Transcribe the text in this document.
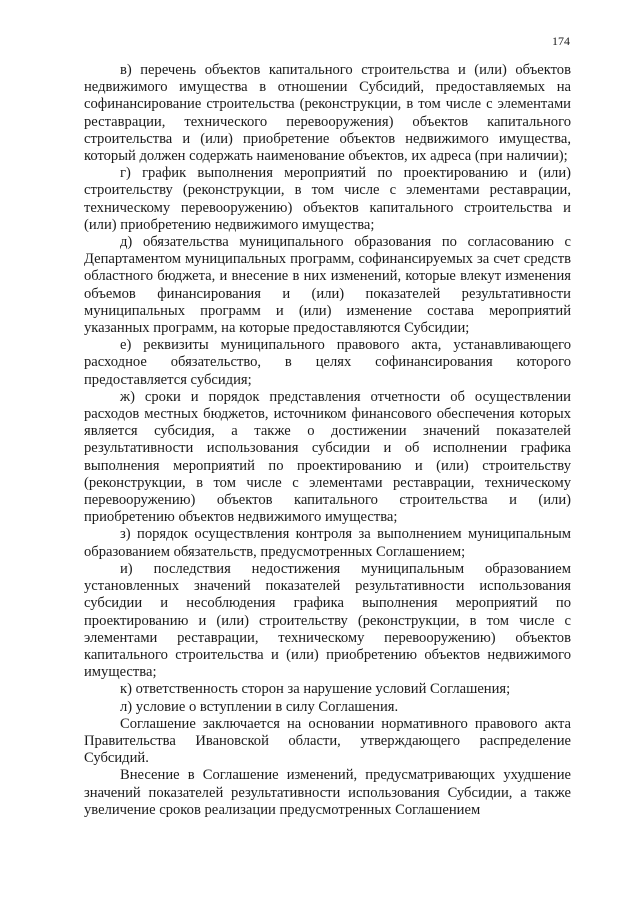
174

в) перечень объектов капитального строительства и (или) объектов недвижимого имущества в отношении Субсидий, предоставляемых на софинансирование строительства (реконструкции, в том числе с элементами реставрации, технического перевооружения) объектов капитального строительства и (или) приобретение объектов недвижимого имущества, который должен содержать наименование объектов, их адреса (при наличии);

г) график выполнения мероприятий по проектированию и (или) строительству (реконструкции, в том числе с элементами реставрации, техническому перевооружению) объектов капитального строительства и (или) приобретению недвижимого имущества;

д) обязательства муниципального образования по согласованию с Департаментом муниципальных программ, софинансируемых за счет средств областного бюджета, и внесение в них изменений, которые влекут изменения объемов финансирования и (или) показателей результативности муниципальных программ и (или) изменение состава мероприятий указанных программ, на которые предоставляются Субсидии;

е) реквизиты муниципального правового акта, устанавливающего расходное обязательство, в целях софинансирования которого предоставляется субсидия;

ж) сроки и порядок представления отчетности об осуществлении расходов местных бюджетов, источником финансового обеспечения которых является субсидия, а также о достижении значений показателей результативности использования субсидии и об исполнении графика выполнения мероприятий по проектированию и (или) строительству (реконструкции, в том числе с элементами реставрации, техническому перевооружению) объектов капитального строительства и (или) приобретению объектов недвижимого имущества;

з) порядок осуществления контроля за выполнением муниципальным образованием обязательств, предусмотренных Соглашением;

и) последствия недостижения муниципальным образованием установленных значений показателей результативности использования субсидии и несоблюдения графика выполнения мероприятий по проектированию и (или) строительству (реконструкции, в том числе с элементами реставрации, техническому перевооружению) объектов капитального строительства и (или) приобретению объектов недвижимого имущества;

к) ответственность сторон за нарушение условий Соглашения;

л) условие о вступлении в силу Соглашения.

Соглашение заключается на основании нормативного правового акта Правительства Ивановской области, утверждающего распределение Субсидий.

Внесение в Соглашение изменений, предусматривающих ухудшение значений показателей результативности использования Субсидии, а также увеличение сроков реализации предусмотренных Соглашением
